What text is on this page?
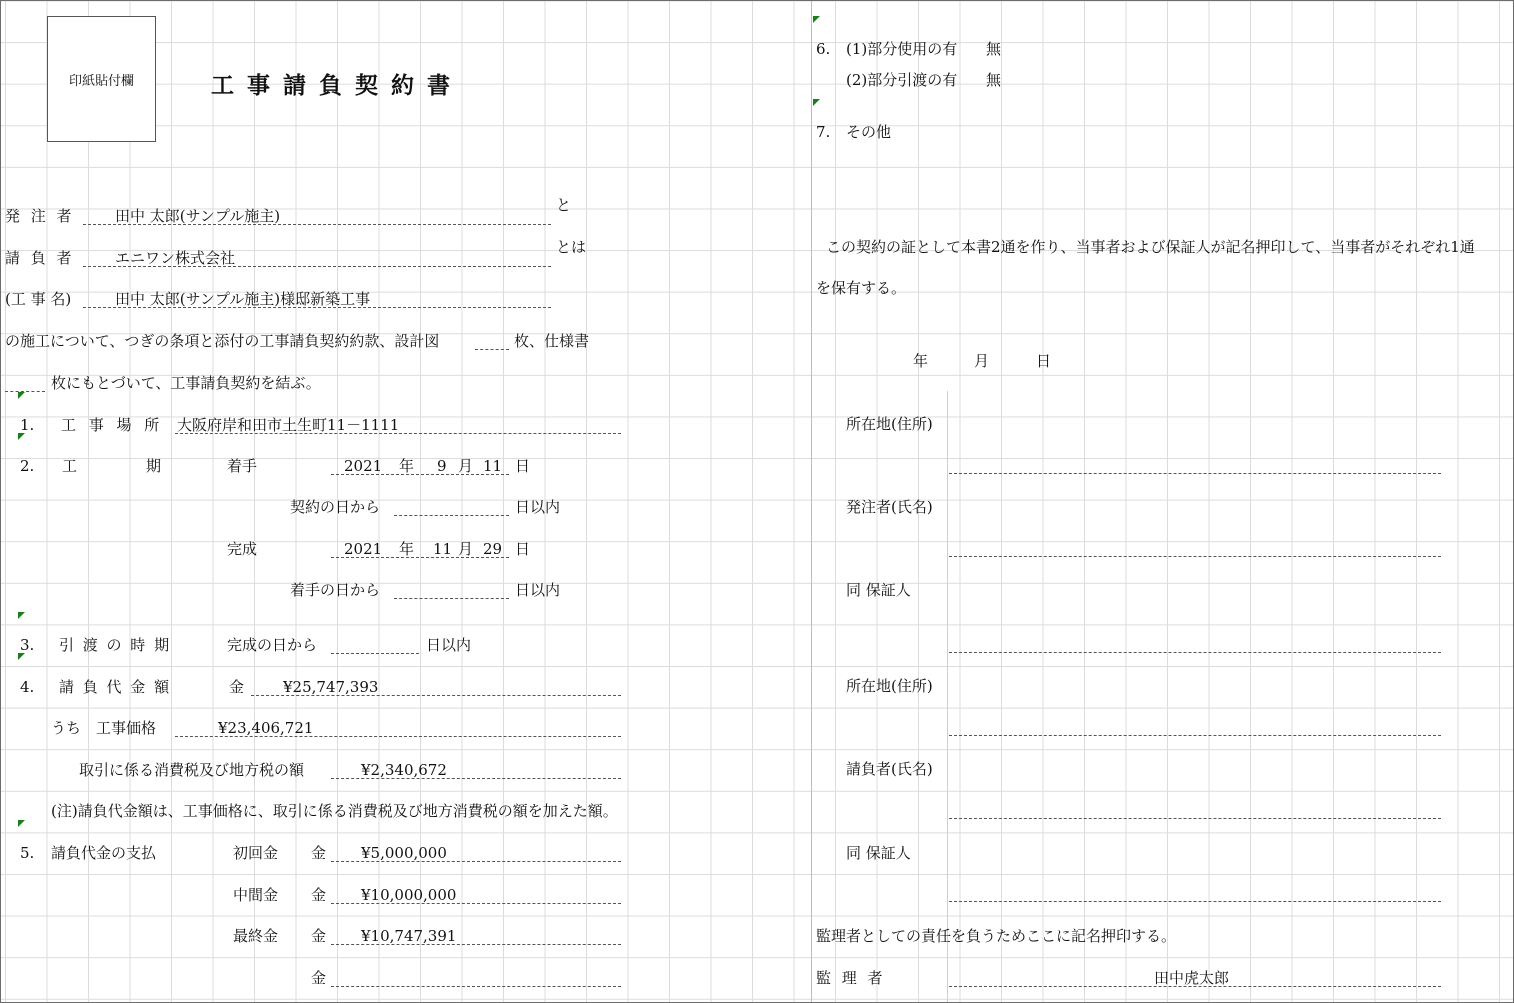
印紙貼付欄	工事請負契約書
発 注 者	田中 太郎(サンプル施主)
と
請 負 者	エニワン株式会社
とは
(工 事 名)	田中 太郎(サンプル施主)様邸新築工事
の施工について、つぎの条項と添付の工事請負契約約款、設計図	枚、仕様書
枚にもとづいて、工事請負契約を結ぶ。
1. 工 事 場 所 大阪府岸和田市土生町11－1111
2. 工	期	着手	2021 年 9 月 11 日
契約の日から	日以内
完成	2021 年 11 月 29 日
着手の日から	日以内
3. 引 渡 の 時 期	完成の日から	日以内
4. 請 負 代 金 額	金	¥25,747,393
うち 工事価格	¥23,406,721
取引に係る消費税及び地方税の額	¥2,340,672
(注)請負代金額は、工事価格に、取引に係る消費税及び地方消費税の額を加えた額。
5. 請負代金の支払	初回金 金 ¥5,000,000
中間金 金 ¥10,000,000
最終金 金 ¥10,747,391
金
6. (1)部分使用の有 無
(2)部分引渡の有 無
7. その他
この契約の証として本書2通を作り、当事者および保証人が記名押印して、当事者がそれぞれ1通
を保有する。
年	月	日
所在地(住所)
発注者(氏名)
同 保証人
所在地(住所)
請負者(氏名)
同 保証人
監理者としての責任を負うためここに記名押印する。
監 理 者	田中虎太郎
